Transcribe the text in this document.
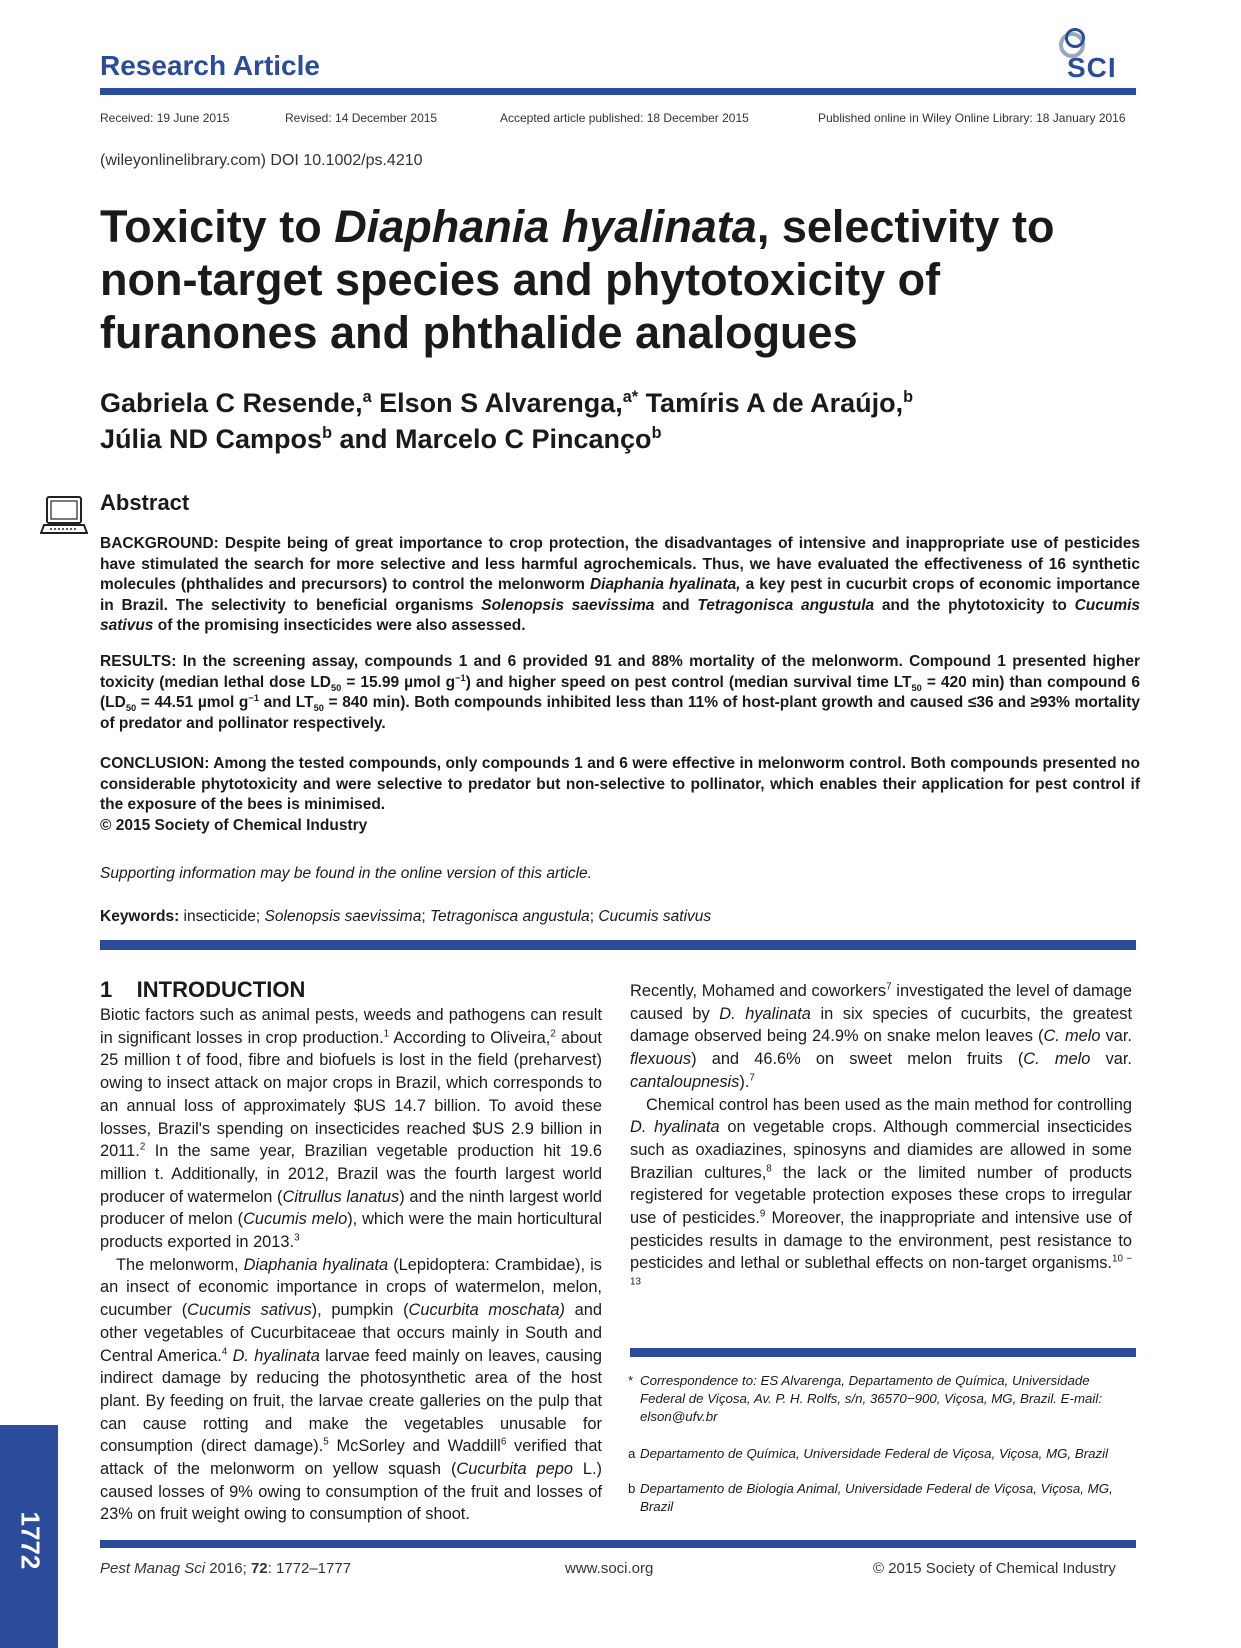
Research Article	SCI
Received: 19 June 2015	Revised: 14 December 2015	Accepted article published: 18 December 2015	Published online in Wiley Online Library: 18 January 2016
(wileyonlinelibrary.com) DOI 10.1002/ps.4210
Toxicity to Diaphania hyalinata, selectivity to non-target species and phytotoxicity of furanones and phthalide analogues
Gabriela C Resende,$^a$ Elson S Alvarenga,$^{a*}$ Tamíris A de Araújo,$^b$
Júlia ND Campos$^b$ and Marcelo C Pincanço$^b$
Abstract
BACKGROUND: Despite being of great importance to crop protection, the disadvantages of intensive and inappropriate use of pesticides have stimulated the search for more selective and less harmful agrochemicals. Thus, we have evaluated the effectiveness of 16 synthetic molecules (phthalides and precursors) to control the melonworm Diaphania hyalinata, a key pest in cucurbit crops of economic importance in Brazil. The selectivity to beneficial organisms Solenopsis saevissima and Tetragonisca angustula and the phytotoxicity to Cucumis sativus of the promising insecticides were also assessed.
RESULTS: In the screening assay, compounds 1 and 6 provided 91 and 88% mortality of the melonworm. Compound 1 presented higher toxicity (median lethal dose $LD_{50} = 15.99$ µmol $g^{-1}$) and higher speed on pest control (median survival time $LT_{50} = 420$ min) than compound 6 ($LD_{50} = 44.51$ µmol $g^{-1}$ and $LT_{50} = 840$ min). Both compounds inhibited less than 11% of host-plant growth and caused ≤36 and ≥93% mortality of predator and pollinator respectively.
CONCLUSION: Among the tested compounds, only compounds 1 and 6 were effective in melonworm control. Both compounds presented no considerable phytotoxicity and were selective to predator but non-selective to pollinator, which enables their application for pest control if the exposure of the bees is minimised.
© 2015 Society of Chemical Industry
Supporting information may be found in the online version of this article.
Keywords: insecticide; Solenopsis saevissima; Tetragonisca angustula; Cucumis sativus
1    INTRODUCTION

Biotic factors such as animal pests, weeds and pathogens can result in significant losses in crop production.$^1$ According to Oliveira,$^2$ about 25 million t of food, fibre and biofuels is lost in the field (preharvest) owing to insect attack on major crops in Brazil, which corresponds to an annual loss of approximately $US 14.7 billion. To avoid these losses, Brazil's spending on insecticides reached $US 2.9 billion in 2011.$^2$ In the same year, Brazilian vegetable production hit 19.6 million t. Additionally, in 2012, Brazil was the fourth largest world producer of watermelon (Citrullus lanatus) and the ninth largest world producer of melon (Cucumis melo), which were the main horticultural products exported in 2013.$^3$

The melonworm, Diaphania hyalinata (Lepidoptera: Crambidae), is an insect of economic importance in crops of watermelon, melon, cucumber (Cucumis sativus), pumpkin (Cucurbita moschata) and other vegetables of Cucurbitaceae that occurs mainly in South and Central America.$^4$ D. hyalinata larvae feed mainly on leaves, causing indirect damage by reducing the photosynthetic area of the host plant. By feeding on fruit, the larvae create galleries on the pulp that can cause rotting and make the vegetables unusable for consumption (direct damage).$^5$ McSorley and Waddill$^6$ verified that attack of the melonworm on yellow squash (Cucurbita pepo L.) caused losses of 9% owing to consumption of the fruit and losses of 23% on fruit weight owing to consumption of shoot.

Recently, Mohamed and coworkers$^7$ investigated the level of damage caused by D. hyalinata in six species of cucurbits, the greatest damage observed being 24.9% on snake melon leaves (C. melo var. flexuous) and 46.6% on sweet melon fruits (C. melo var. cantaloupnesis).$^7$

Chemical control has been used as the main method for controlling D. hyalinata on vegetable crops. Although commercial insecticides such as oxadiazines, spinosyns and diamides are allowed in some Brazilian cultures,$^8$ the lack or the limited number of products registered for vegetable protection exposes these crops to irregular use of pesticides.$^9$ Moreover, the inappropriate and intensive use of pesticides results in damage to the environment, pest resistance to pesticides and lethal or sublethal effects on non-target organisms.$^{10 - 13}$

* Correspondence to: ES Alvarenga, Departamento de Química, Universidade Federal de Viçosa, Av. P. H. Rolfs, s/n, 36570−900, Viçosa, MG, Brazil. E-mail: elson@ufv.br
a Departamento de Química, Universidade Federal de Viçosa, Viçosa, MG, Brazil
b Departamento de Biologia Animal, Universidade Federal de Viçosa, Viçosa, MG, Brazil
1772	Pest Manag Sci 2016; 72: 1772–1777	www.soci.org	© 2015 Society of Chemical Industry
